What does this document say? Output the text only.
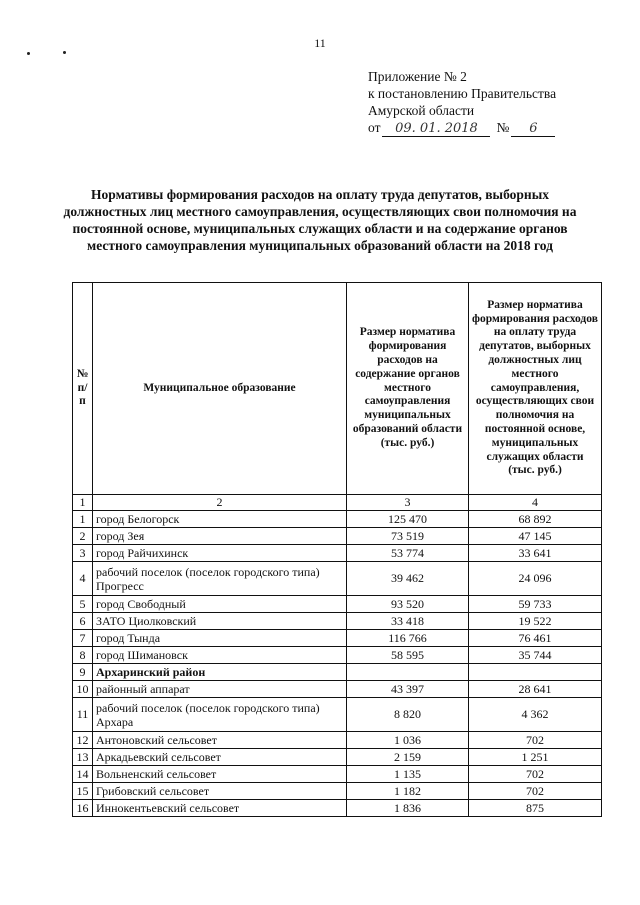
11
Приложение № 2
к постановлению Правительства
Амурской области
от	09. 01. 2018	№	6
Нормативы формирования расходов на оплату труда депутатов, выборных должностных лиц местного самоуправления, осуществляющих свои полномочия на постоянной основе, муниципальных служащих области и на содержание органов местного самоуправления муниципальных образований области на 2018 год
№ п/п	Муниципальное образование	Размер норматива формирования расходов на содержание органов местного самоуправления муниципальных образований области (тыс. руб.)	Размер норматива формирования расходов на оплату труда депутатов, выборных должностных лиц местного самоуправления, осуществляющих свои полномочия на постоянной основе, муниципальных служащих области (тыс. руб.)
1	2	3	4
1	город Белогорск	125 470	68 892
2	город Зея	73 519	47 145
3	город Райчихинск	53 774	33 641
4	рабочий поселок (поселок городского типа) Прогресс	39 462	24 096
5	город Свободный	93 520	59 733
6	ЗАТО Циолковский	33 418	19 522
7	город Тында	116 766	76 461
8	город Шимановск	58 595	35 744
9	Архаринский район		
10	районный аппарат	43 397	28 641
11	рабочий поселок (поселок городского типа) Архара	8 820	4 362
12	Антоновский сельсовет	1 036	702
13	Аркадьевский сельсовет	2 159	1 251
14	Вольненский сельсовет	1 135	702
15	Грибовский сельсовет	1 182	702
16	Иннокентьевский сельсовет	1 836	875
